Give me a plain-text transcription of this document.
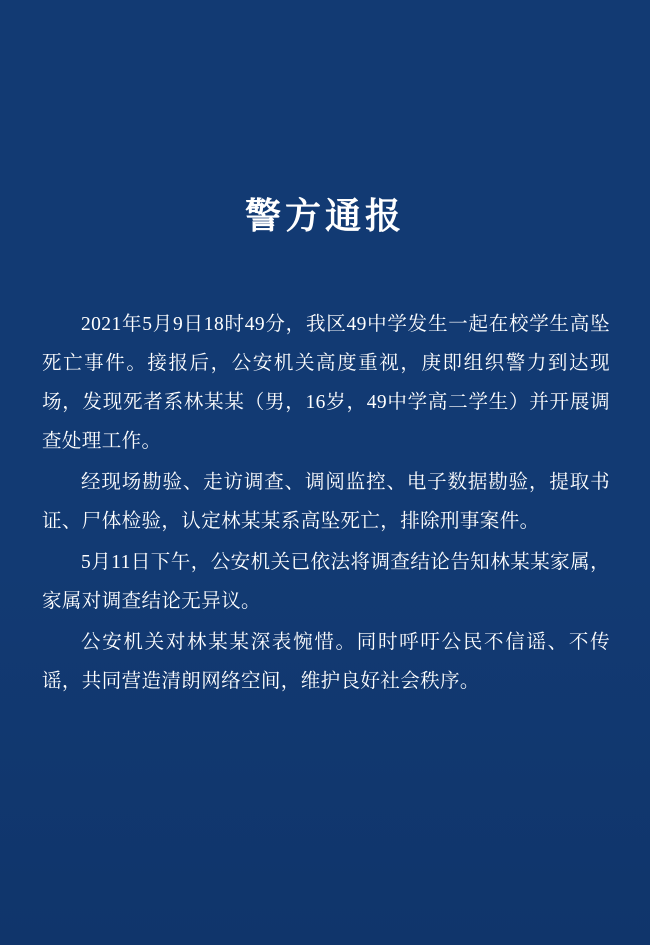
警方通报

2021年5月9日18时49分，我区49中学发生一起在校学生高坠死亡事件。接报后，公安机关高度重视，庚即组织警力到达现场，发现死者系林某某（男，16岁，49中学高二学生）并开展调查处理工作。

经现场勘验、走访调查、调阅监控、电子数据勘验，提取书证、尸体检验，认定林某某系高坠死亡，排除刑事案件。

5月11日下午，公安机关已依法将调查结论告知林某某家属，家属对调查结论无异议。

公安机关对林某某深表惋惜。同时呼吁公民不信谣、不传谣，共同营造清朗网络空间，维护良好社会秩序。
